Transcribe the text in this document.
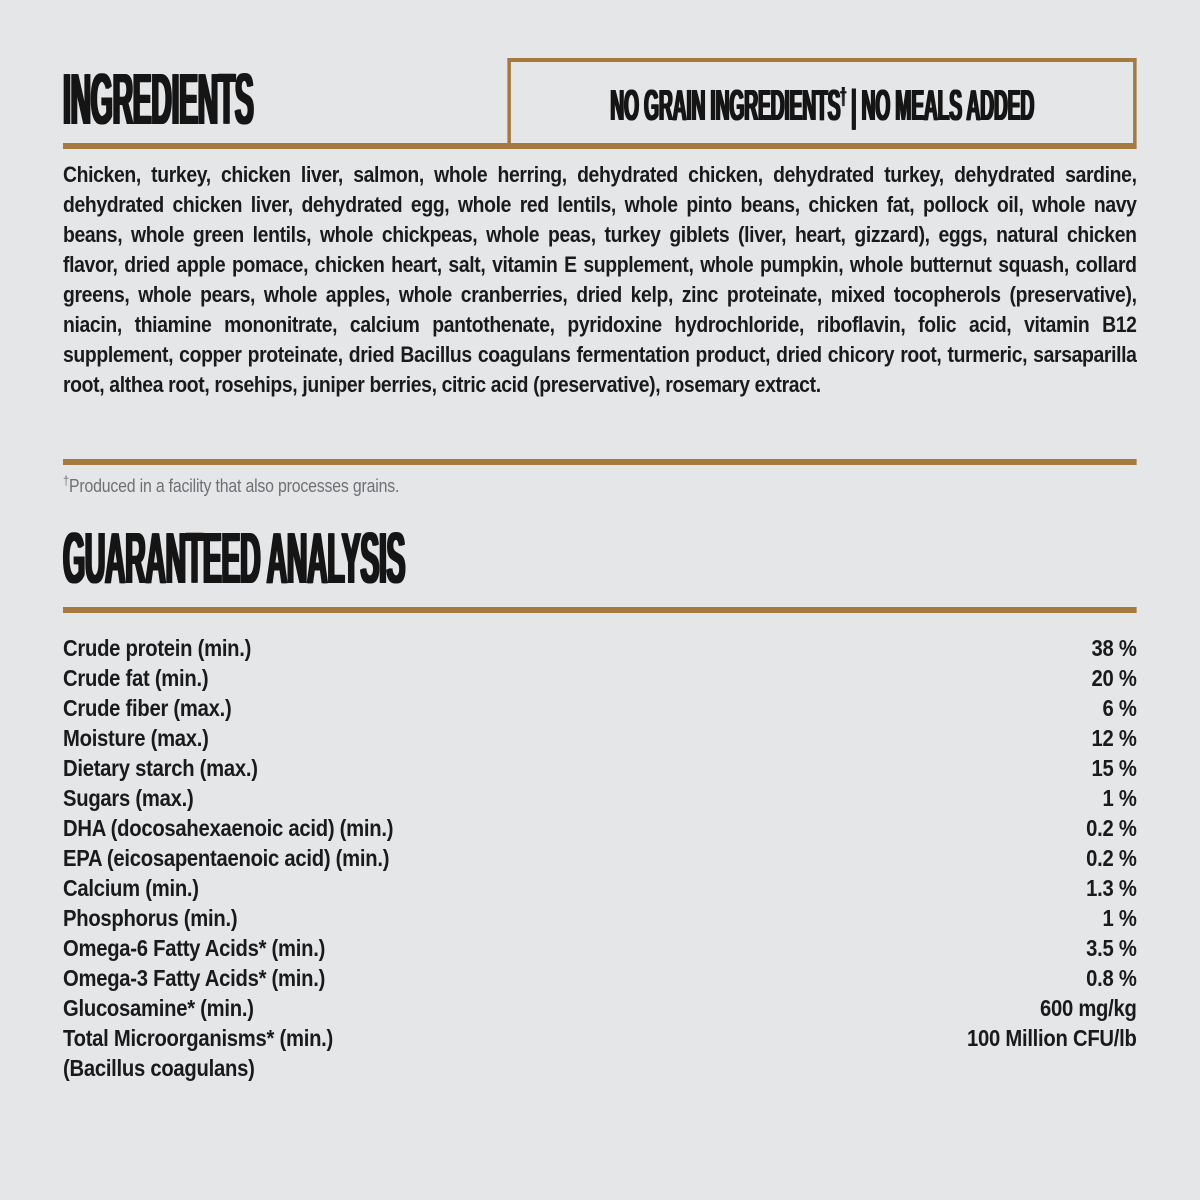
INGREDIENTS	NO GRAIN INGREDIENTS† | NO MEALS ADDED

Chicken, turkey, chicken liver, salmon, whole herring, dehydrated chicken, dehydrated turkey, dehydrated sardine, dehydrated chicken liver, dehydrated egg, whole red lentils, whole pinto beans, chicken fat, pollock oil, whole navy beans, whole green lentils, whole chickpeas, whole peas, turkey giblets (liver, heart, gizzard), eggs, natural chicken flavor, dried apple pomace, chicken heart, salt, vitamin E supplement, whole pumpkin, whole butternut squash, collard greens, whole pears, whole apples, whole cranberries, dried kelp, zinc proteinate, mixed tocopherols (preservative), niacin, thiamine mononitrate, calcium pantothenate, pyridoxine hydrochloride, riboflavin, folic acid, vitamin B12 supplement, copper proteinate, dried Bacillus coagulans fermentation product, dried chicory root, turmeric, sarsaparilla root, althea root, rosehips, juniper berries, citric acid (preservative), rosemary extract.

†Produced in a facility that also processes grains.

GUARANTEED ANALYSIS
Crude protein (min.)	38 %
Crude fat (min.)	20 %
Crude fiber (max.)	6 %
Moisture (max.)	12 %
Dietary starch (max.)	15 %
Sugars (max.)	1 %
DHA (docosahexaenoic acid) (min.)	0.2 %
EPA (eicosapentaenoic acid) (min.)	0.2 %
Calcium (min.)	1.3 %
Phosphorus (min.)	1 %
Omega-6 Fatty Acids* (min.)	3.5 %
Omega-3 Fatty Acids* (min.)	0.8 %
Glucosamine* (min.)	600 mg/kg
Total Microorganisms* (min.)	100 Million CFU/lb
(Bacillus coagulans)
